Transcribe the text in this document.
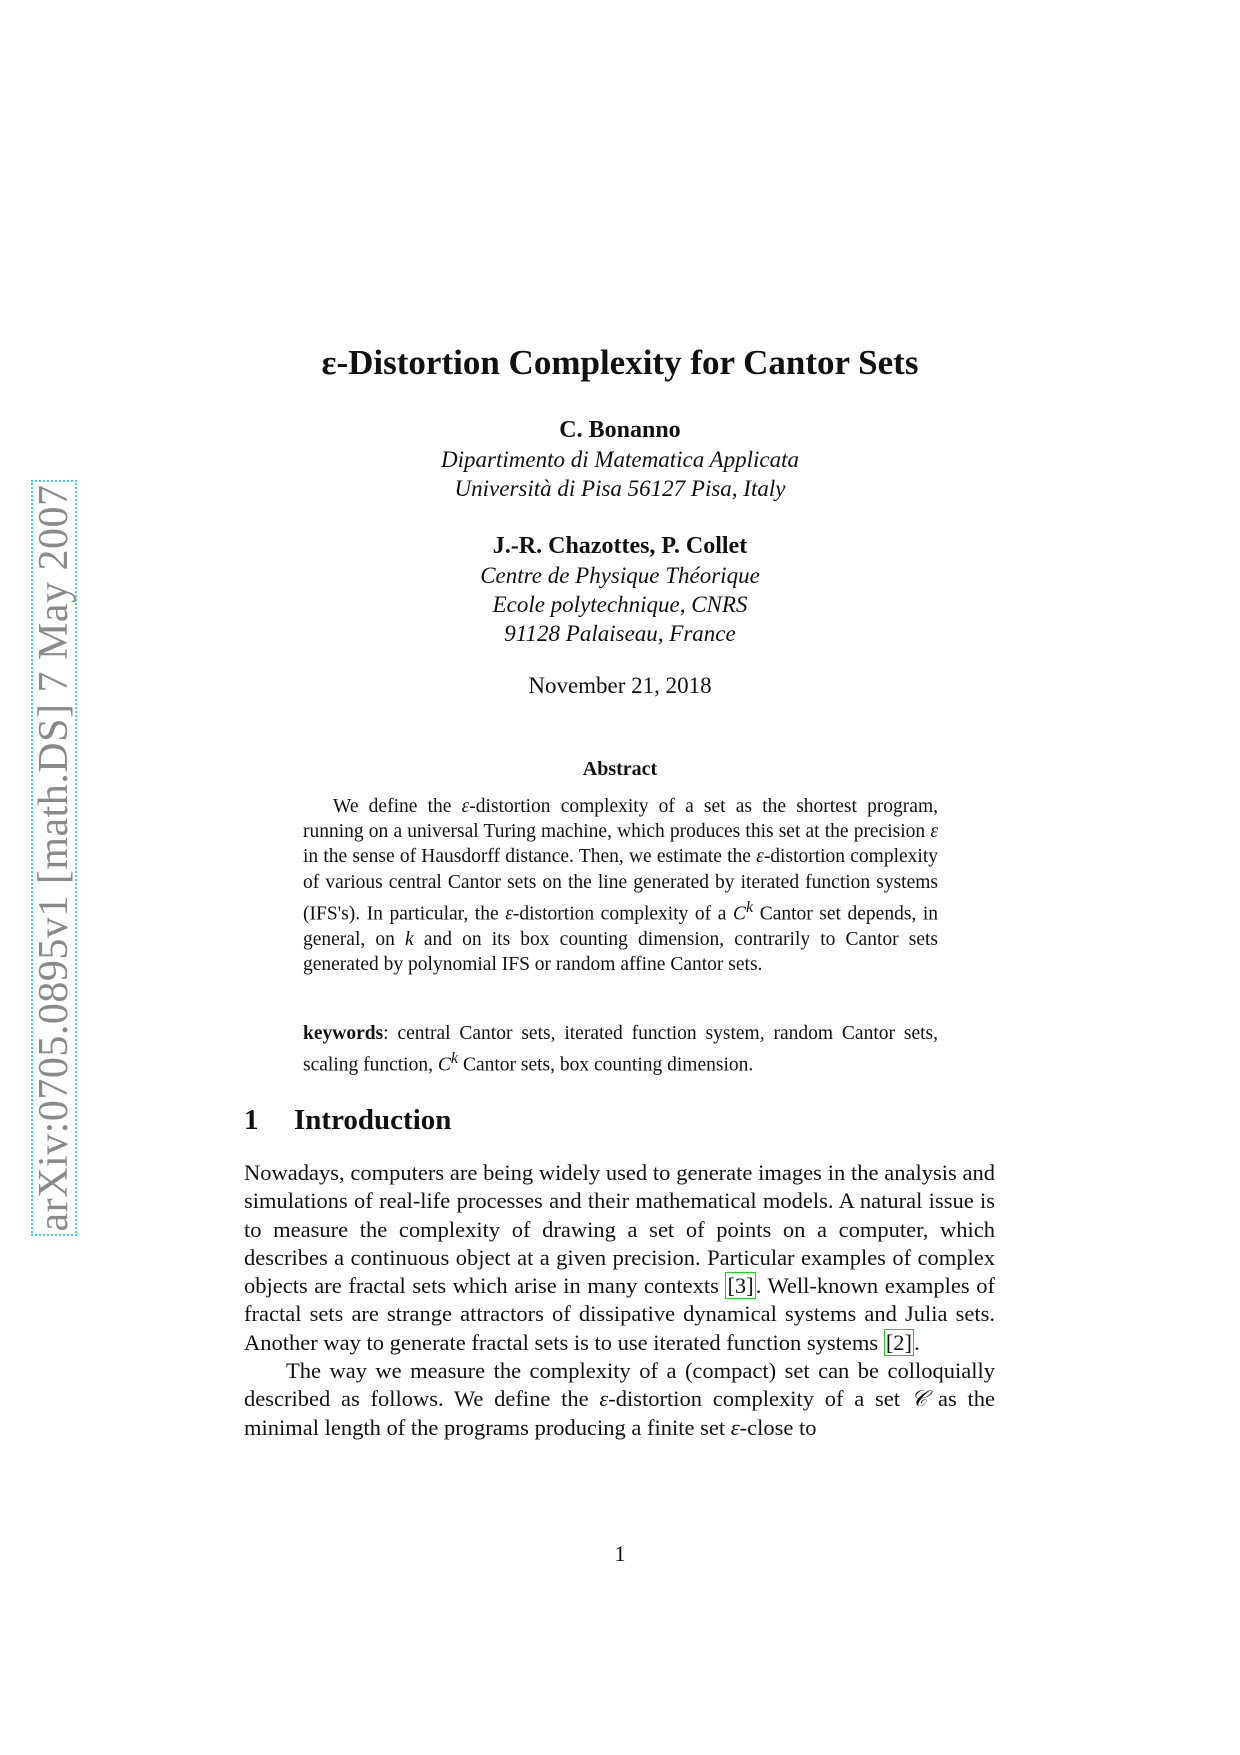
arXiv:0705.0895v1 [math.DS] 7 May 2007
ε-Distortion Complexity for Cantor Sets
C. Bonanno
Dipartimento di Matematica Applicata
Università di Pisa 56127 Pisa, Italy
J.-R. Chazottes, P. Collet
Centre de Physique Théorique
Ecole polytechnique, CNRS
91128 Palaiseau, France
November 21, 2018
Abstract
We define the ε-distortion complexity of a set as the shortest program, running on a universal Turing machine, which produces this set at the precision ε in the sense of Hausdorff distance. Then, we estimate the ε-distortion complexity of various central Cantor sets on the line generated by iterated function systems (IFS's). In particular, the ε-distortion complexity of a $C^k$ Cantor set depends, in general, on k and on its box counting dimension, contrarily to Cantor sets generated by polynomial IFS or random affine Cantor sets.
keywords: central Cantor sets, iterated function system, random Cantor sets, scaling function, $C^k$ Cantor sets, box counting dimension.
1 Introduction

Nowadays, computers are being widely used to generate images in the analysis and simulations of real-life processes and their mathematical models. A natural issue is to measure the complexity of drawing a set of points on a computer, which describes a continuous object at a given precision. Particular examples of complex objects are fractal sets which arise in many contexts [3]. Well-known examples of fractal sets are strange attractors of dissipative dynamical systems and Julia sets. Another way to generate fractal sets is to use iterated function systems [2].

The way we measure the complexity of a (compact) set can be colloquially described as follows. We define the ε-distortion complexity of a set 𝒞 as the minimal length of the programs producing a finite set ε-close to

1
